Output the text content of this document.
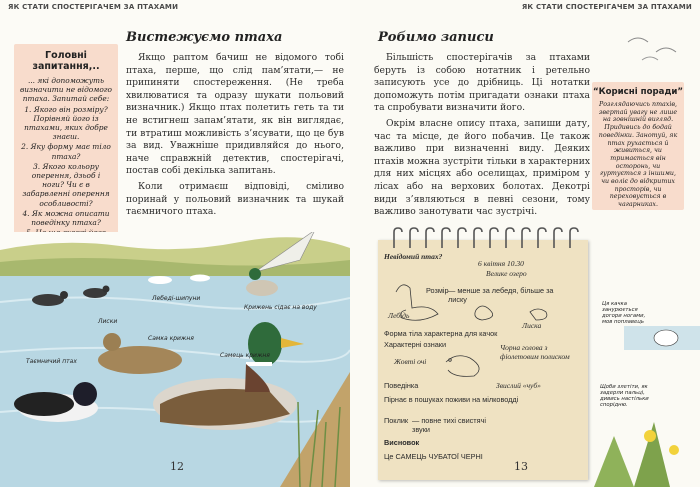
ЯК СТАТИ СПОСТЕРІГАЧЕМ ЗА ПТАХАМИ
Головні запитання,..
... які допоможуть визначити не відомого птаха. Запитай себе:
1. Якого він розміру? Порівняй його із птахами, яких добре знаєш.
2. Яку форму має тіло птаха?
3. Якого кольору оперення, дзьоб і ноги? Чи є в забарвленні оперення особливості?
4. Як можна описати поведінку птаха?
Вистежуємо птаха

Якщо раптом бачиш не відомого тобі птаха, перше, що слід пам’ятати,— не припиняти спостереження. (Не треба хвилюватися та одразу шукати польовий визначник.) Якщо птах полетить геть та ти не встигнеш запам’ятати, як він виглядає, ти втратиш можливість з’ясувати, що це був за вид. Уважніше придивляйся до нього, наче справжній детектив, спостерігачі, постав собі декілька запитань.

Коли отримаєш відповіді, сміливо поринай у польовий визначник та шукай таємничого птаха.

Лиски
Лебеді-шипуни
Крижень сідає на воду
Самка крижня
Таємничий птах
Самець крижня
12
ЯК СТАТИ СПОСТЕРІГАЧЕМ ЗА ПТАХАМИ
Робимо записи

Більшість спостерігачів за птахами беруть із собою нотатник і ретельно записують усе до дрібниць. Ці нотатки допоможуть потім пригадати ознаки птаха та спробувати визначити його.

Окрім власне опису птаха, запиши дату, час та місце, де його побачив. Це також важливо при визначенні виду. Деяких птахів можна зустріти тільки в характерних для них місцях або оселищах, приміром у лісах або на верхових болотах. Декотрі види з’являються в певні сезони, тому важливо занотувати час зустрічі.

“Корисні поради”
Розглядаючись птахів, звертай увагу не лише на зовнішній вигляд. Придивись до бодай поведінки. Занотуй, як птах рухається й живиться, чи тримається він осторонь, чи гуртується з іншими, чи воліє до відкритих просторів, чи переховується в чагарниках.
Невідомий птах?
6 квітня 10.30
Велике озеро
Розмір — менше за лебедя, більше за лиску
Лебідь
Лиска
Форма тіла характерна для качок
Характерні ознаки
Жовті очі
Чорна голова з фіолетовим полиском
Поведінка	Звислий «чуб»
Пірнає в пошуках поживи на мілководді
Поклик — повне тихі свистячі звуки
Висновок
Це САМЕЦЬ ЧУБАТОЇ ЧЕРНІ
Ця качка занурюється догори ногами, мов поплавець
Щоби злетіти, як задерли пальці, дивись настільки спорідню.
13
